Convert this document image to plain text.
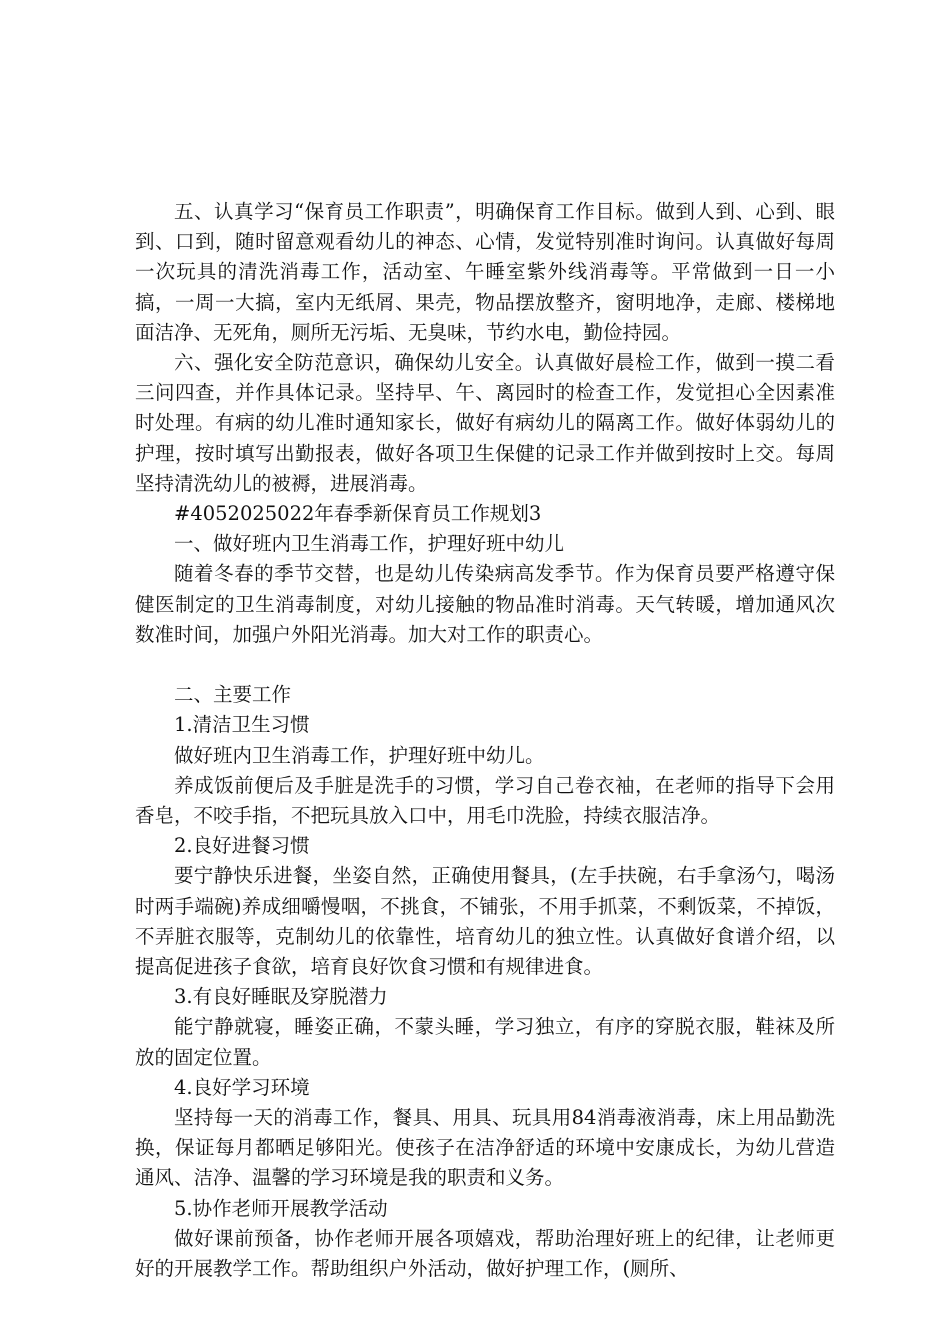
五、认真学习“保育员工作职责”，明确保育工作目标。做到人到、心到、眼到、口到，随时留意观看幼儿的神态、心情，发觉特别准时询问。认真做好每周一次玩具的清洗消毒工作，活动室、午睡室紫外线消毒等。平常做到一日一小搞，一周一大搞，室内无纸屑、果壳，物品摆放整齐，窗明地净，走廊、楼梯地面洁净、无死角，厕所无污垢、无臭味，节约水电，勤俭持园。

六、强化安全防范意识，确保幼儿安全。认真做好晨检工作，做到一摸二看三问四查，并作具体记录。坚持早、午、离园时的检查工作，发觉担心全因素准时处理。有病的幼儿准时通知家长，做好有病幼儿的隔离工作。做好体弱幼儿的护理，按时填写出勤报表，做好各项卫生保健的记录工作并做到按时上交。每周坚持清洗幼儿的被褥，进展消毒。

#4052025022年春季新保育员工作规划3

一、做好班内卫生消毒工作，护理好班中幼儿

随着冬春的季节交替，也是幼儿传染病高发季节。作为保育员要严格遵守保健医制定的卫生消毒制度，对幼儿接触的物品准时消毒。天气转暖，增加通风次数准时间，加强户外阳光消毒。加大对工作的职责心。

二、主要工作

1.清洁卫生习惯

做好班内卫生消毒工作，护理好班中幼儿。

养成饭前便后及手脏是洗手的习惯，学习自己卷衣袖，在老师的指导下会用香皂，不咬手指，不把玩具放入口中，用毛巾洗脸，持续衣服洁净。

2.良好进餐习惯

要宁静快乐进餐，坐姿自然，正确使用餐具，(左手扶碗，右手拿汤勺，喝汤时两手端碗)养成细嚼慢咽，不挑食，不铺张，不用手抓菜，不剩饭菜，不掉饭，不弄脏衣服等，克制幼儿的依靠性，培育幼儿的独立性。认真做好食谱介绍，以提高促进孩子食欲，培育良好饮食习惯和有规律进食。

3.有良好睡眠及穿脱潜力

能宁静就寝，睡姿正确，不蒙头睡，学习独立，有序的穿脱衣服，鞋袜及所放的固定位置。

4.良好学习环境

坚持每一天的消毒工作，餐具、用具、玩具用84消毒液消毒，床上用品勤洗换，保证每月都晒足够阳光。使孩子在洁净舒适的环境中安康成长，为幼儿营造通风、洁净、温馨的学习环境是我的职责和义务。

5.协作老师开展教学活动

做好课前预备，协作老师开展各项嬉戏，帮助治理好班上的纪律，让老师更好的开展教学工作。帮助组织户外活动，做好护理工作，(厕所、
